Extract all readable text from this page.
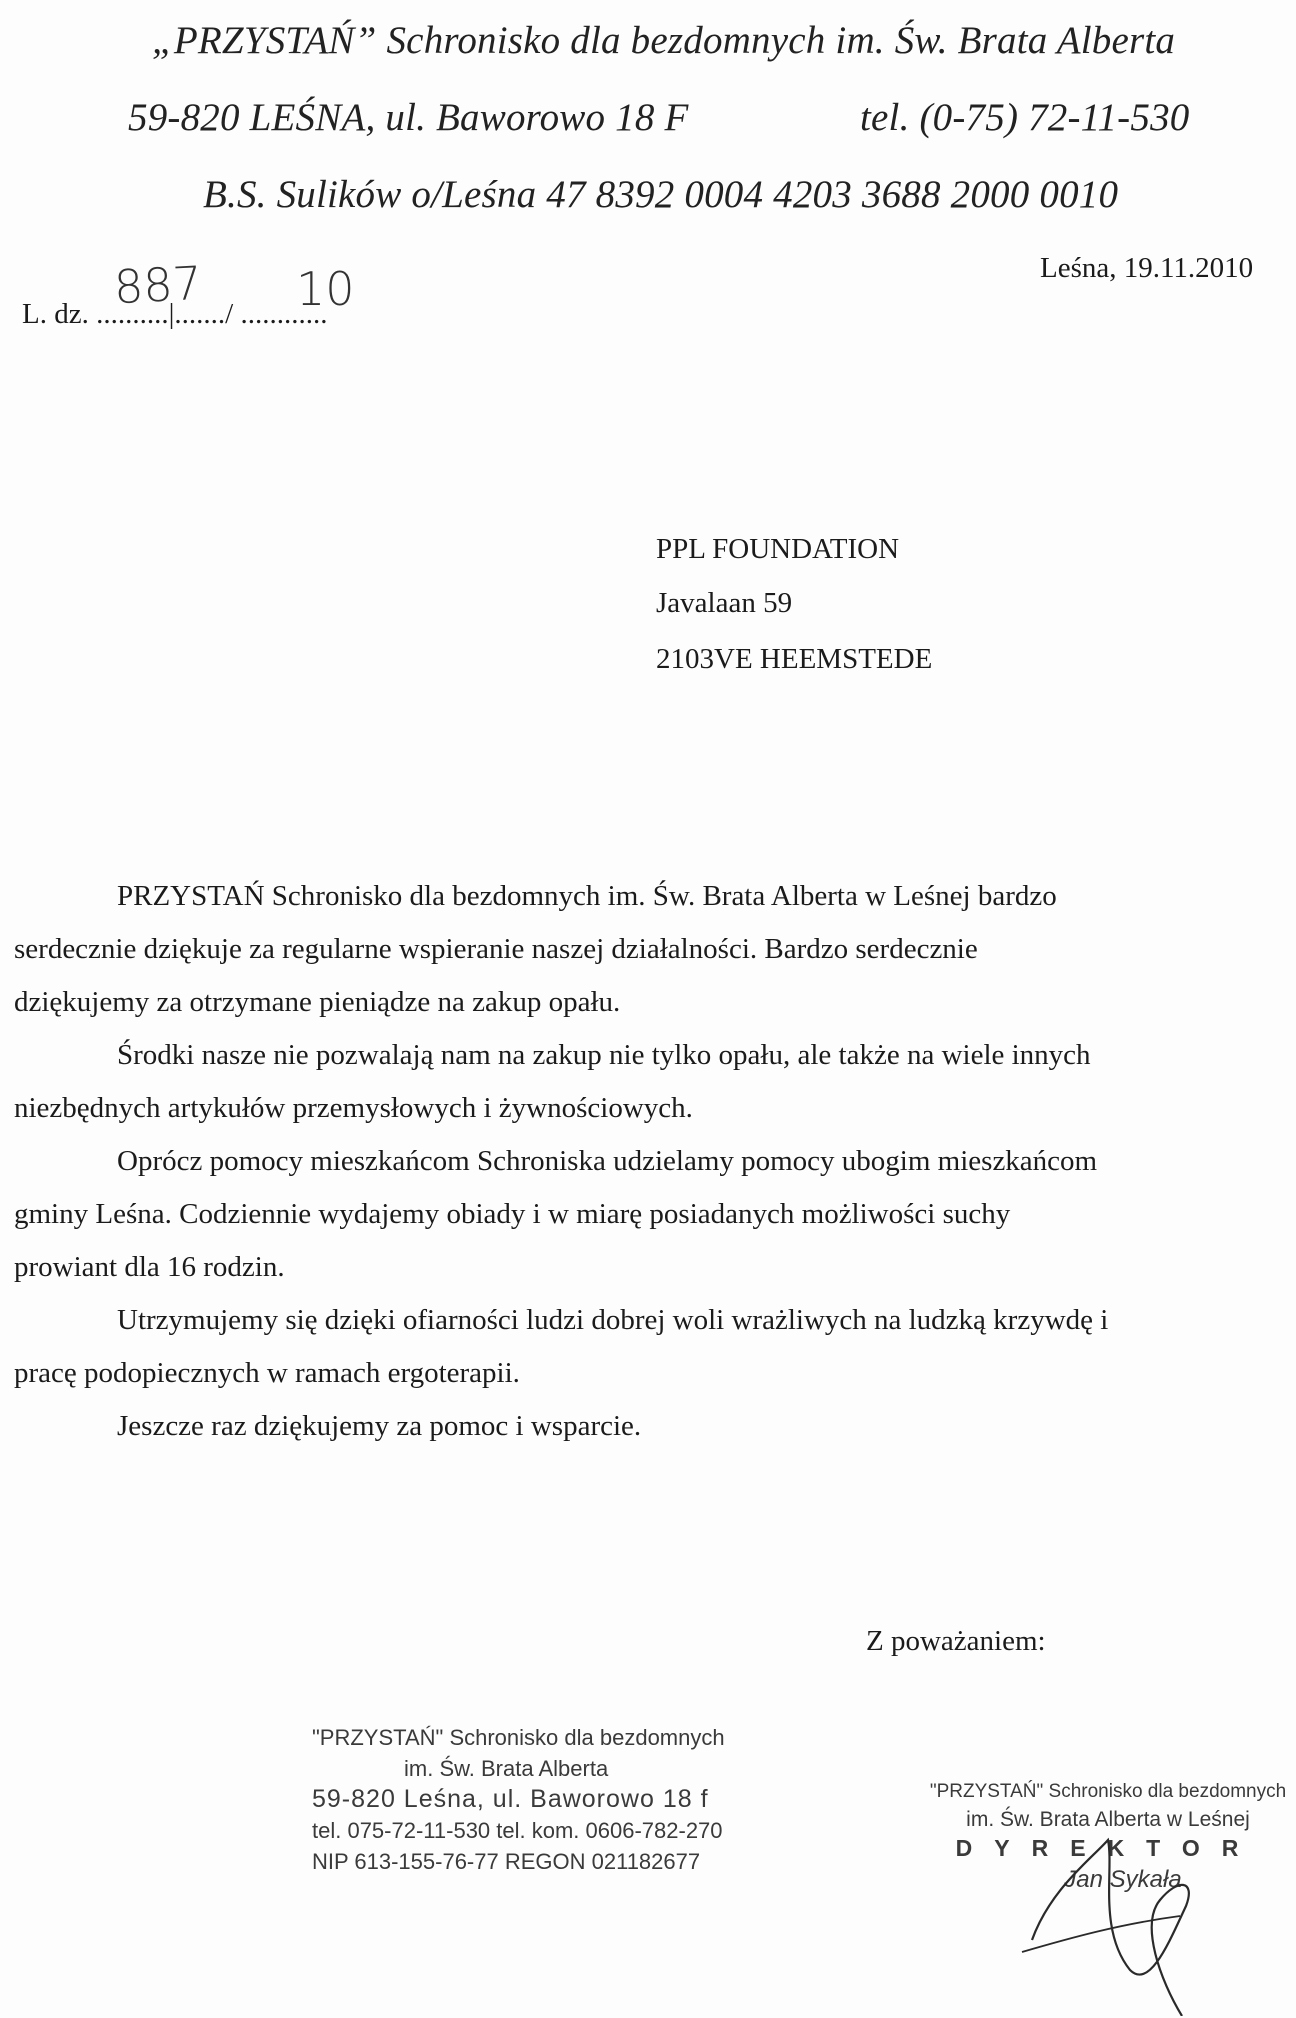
„PRZYSTAŃ” Schronisko dla bezdomnych im. Św. Brata Alberta
59-820 LEŚNA, ul. Baworowo 18 F	tel. (0-75) 72-11-530
B.S. Sulików o/Leśna 47 8392 0004 4203 3688 2000 0010
L. dz. ..........|......./ ............
887 10	Leśna, 19.11.2010
PPL FOUNDATION
Javalaan 59
2103VE HEEMSTEDE

PRZYSTAŃ Schronisko dla bezdomnych im. Św. Brata Alberta w Leśnej bardzo

serdecznie dziękuje za regularne wspieranie naszej działalności. Bardzo serdecznie

dziękujemy za otrzymane pieniądze na zakup opału.

Środki nasze nie pozwalają nam na zakup nie tylko opału, ale także na wiele innych

niezbędnych artykułów przemysłowych i żywnościowych.

Oprócz pomocy mieszkańcom Schroniska udzielamy pomocy ubogim mieszkańcom

gminy Leśna. Codziennie wydajemy obiady i w miarę posiadanych możliwości suchy

prowiant dla 16 rodzin.

Utrzymujemy się dzięki ofiarności ludzi dobrej woli wrażliwych na ludzką krzywdę i

pracę podopiecznych w ramach ergoterapii.

Jeszcze raz dziękujemy za pomoc i wsparcie.

Z poważaniem:
"PRZYSTAŃ" Schronisko dla bezdomnych
im. Św. Brata Alberta
59-820 Leśna, ul. Baworowo 18 f
tel. 075-72-11-530 tel. kom. 0606-782-270
NIP 613-155-76-77 REGON 021182677
"PRZYSTAŃ" Schronisko dla bezdomnych
im. Św. Brata Alberta w Leśnej
DYREKTOR
Jan Sykała
